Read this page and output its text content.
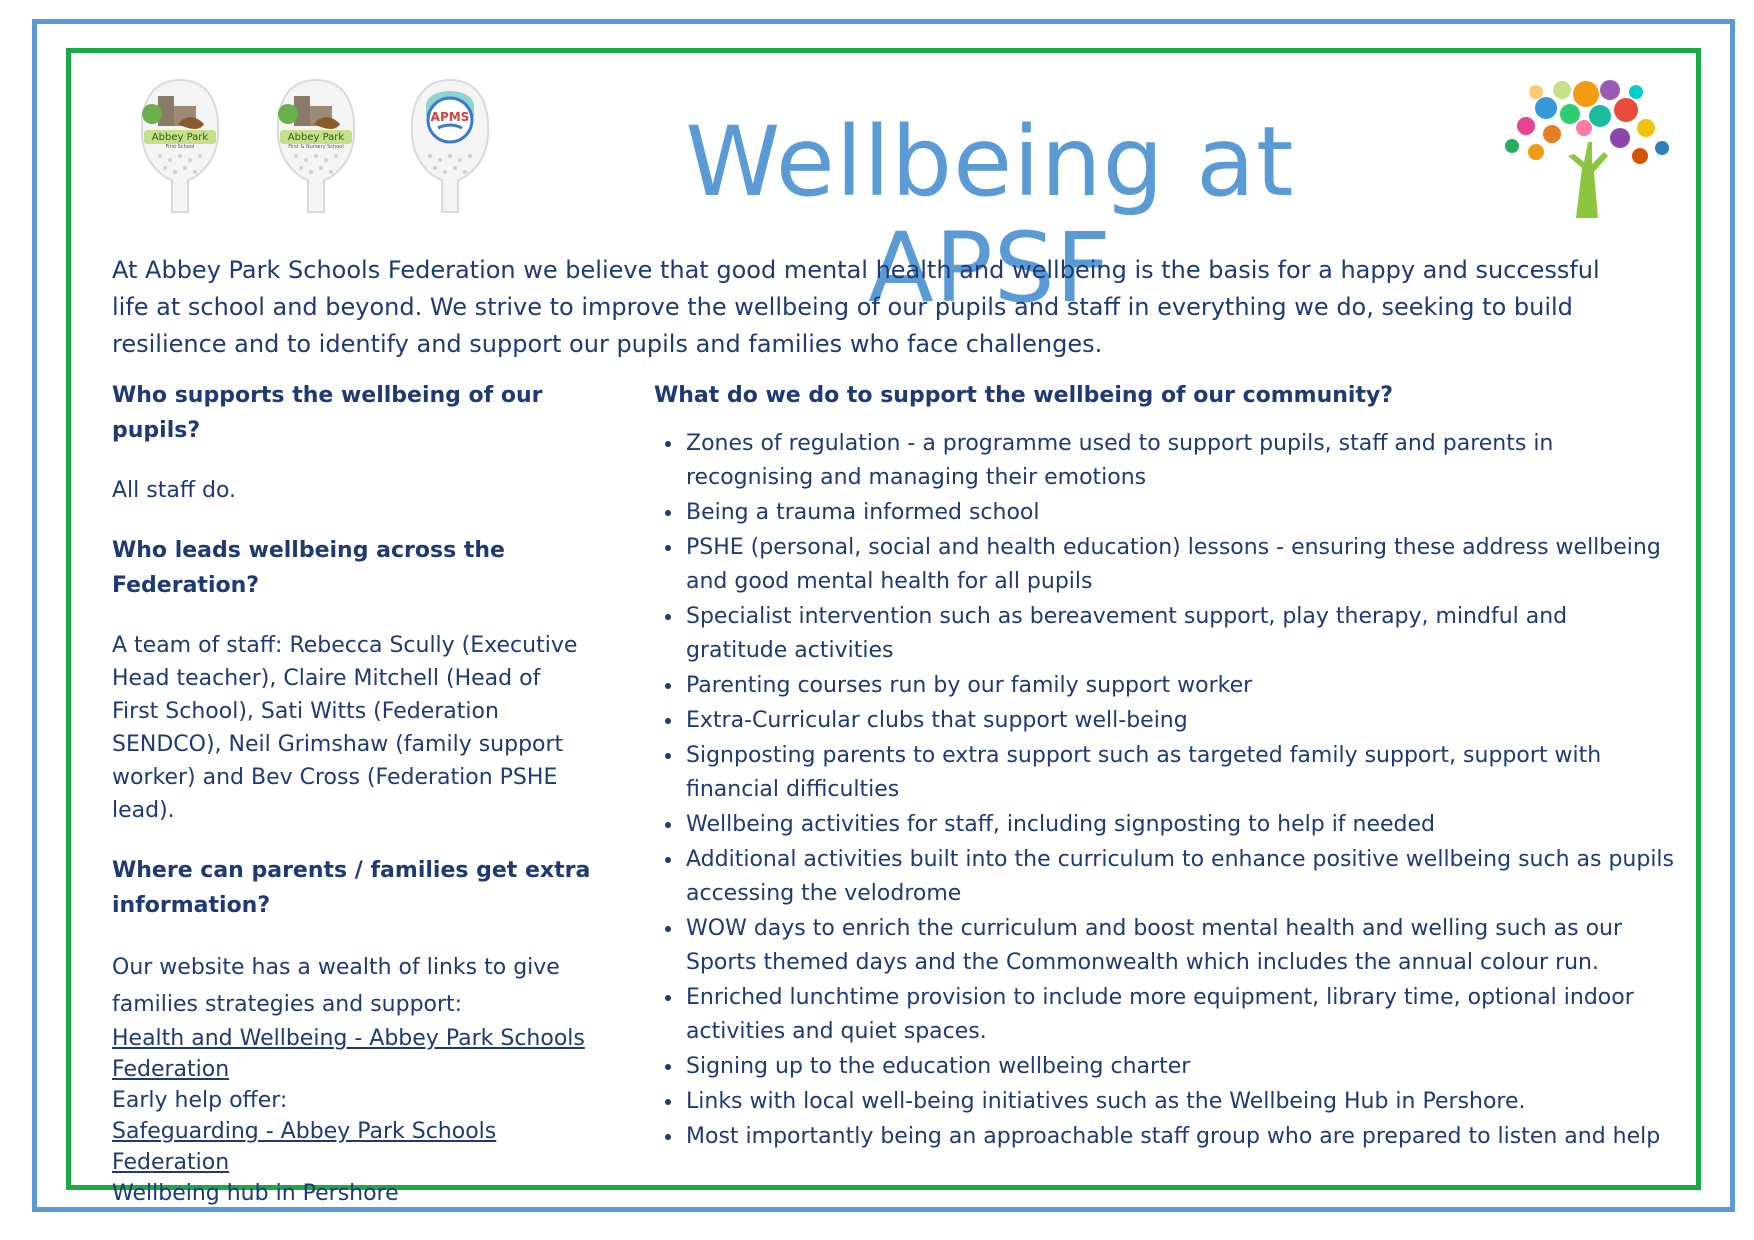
Abbey Park
First School
Abbey Park
First & Nursery School
APMS	Wellbeing at APSF
At Abbey Park Schools Federation we believe that good mental health and wellbeing is the basis for a happy and successful life at school and beyond. We strive to improve the wellbeing of our pupils and staff in everything we do, seeking to build resilience and to identify and support our pupils and families who face challenges.
Who supports the wellbeing of our pupils?
All staff do.
Who leads wellbeing across the Federation?
A team of staff: Rebecca Scully (Executive Head teacher), Claire Mitchell (Head of First School), Sati Witts (Federation SENDCO), Neil Grimshaw (family support worker) and Bev Cross (Federation PSHE lead).
Where can parents / families get extra information?

Our website has a wealth of links to give families strategies and support:

Health and Wellbeing - Abbey Park Schools Federation

Early help offer:

Safeguarding - Abbey Park Schools Federation

Wellbeing hub in Pershore

What do we do to support the wellbeing of our community?
• Zones of regulation - a programme used to support pupils, staff and parents in recognising and managing their emotions
• Being a trauma informed school
• PSHE (personal, social and health education) lessons - ensuring these address wellbeing and good mental health for all pupils
• Specialist intervention such as bereavement support, play therapy, mindful and gratitude activities
• Parenting courses run by our family support worker
• Extra-Curricular clubs that support well-being
• Signposting parents to extra support such as targeted family support, support with financial difficulties
• Wellbeing activities for staff, including signposting to help if needed
• Additional activities built into the curriculum to enhance positive wellbeing such as pupils accessing the velodrome
• WOW days to enrich the curriculum and boost mental health and welling such as our Sports themed days and the Commonwealth which includes the annual colour run.
• Enriched lunchtime provision to include more equipment, library time, optional indoor activities and quiet spaces.
• Signing up to the education wellbeing charter
• Links with local well-being initiatives such as the Wellbeing Hub in Pershore.
• Most importantly being an approachable staff group who are prepared to listen and help
